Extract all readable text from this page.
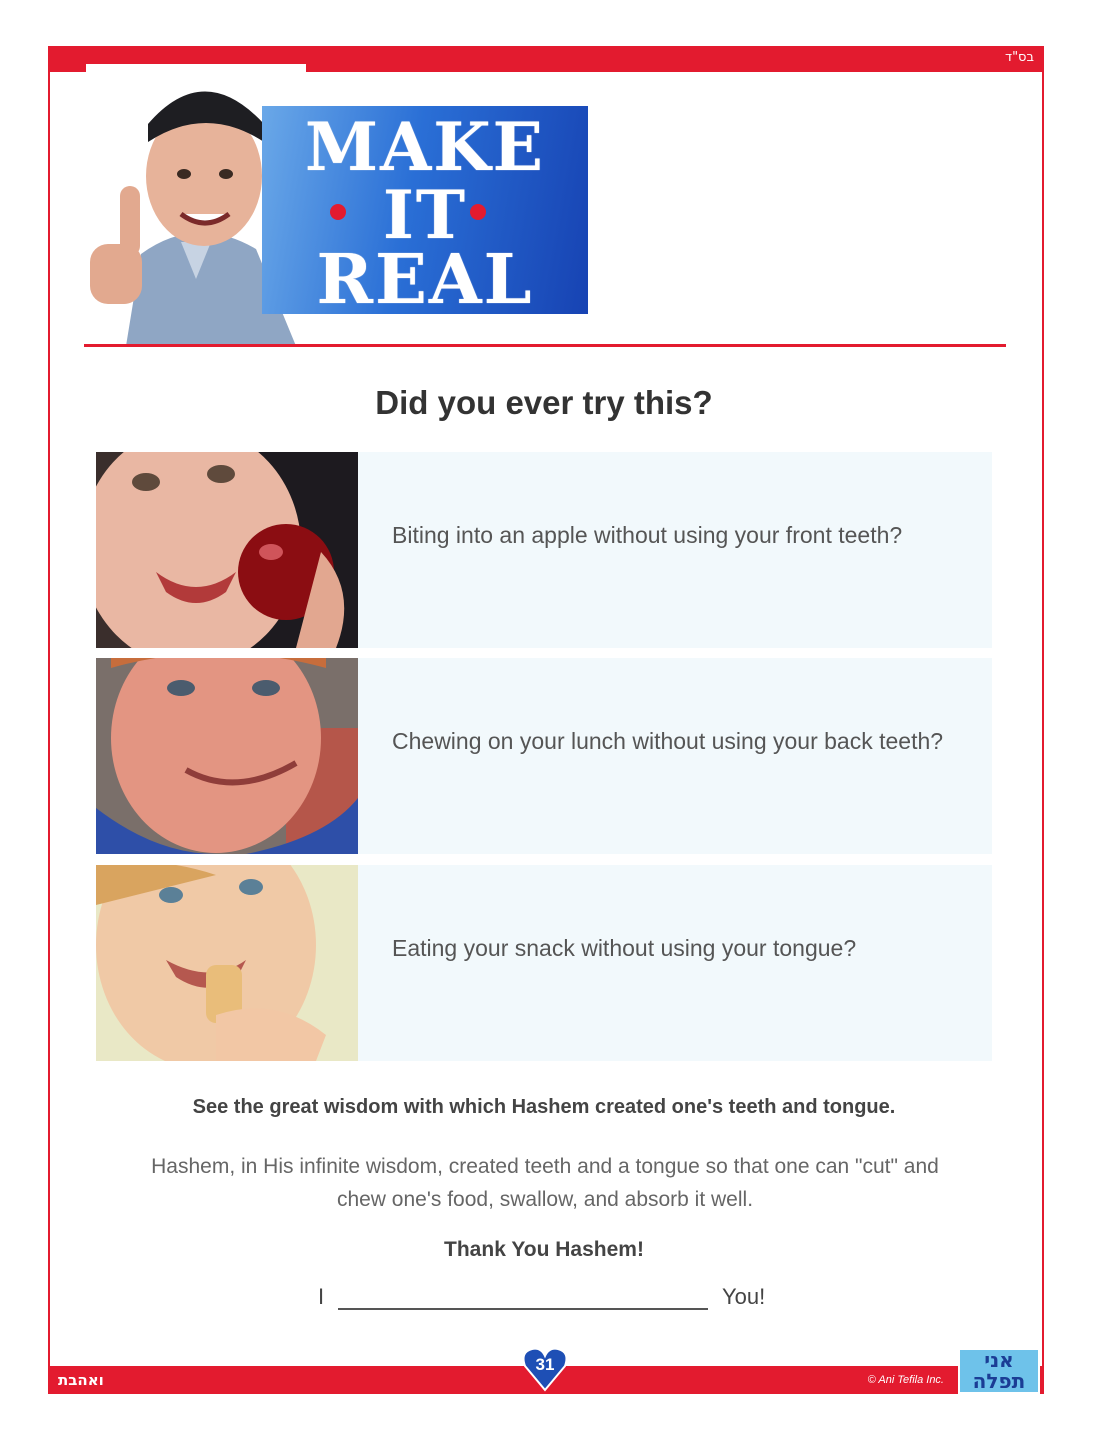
בס"ד
MAKE
IT
REAL
Did you ever try this?
Biting into an apple without using your front teeth?
Chewing on your lunch without using your back teeth?
Eating your snack without using your tongue?
See the great wisdom with which Hashem created one's teeth and tongue.
Hashem, in His infinite wisdom, created teeth and a tongue so that one can "cut" and chew one's food, swallow, and absorb it well.
Thank You Hashem!
I	You!
ואהבת	© Ani Tefila Inc.
31	אני
תפלה
